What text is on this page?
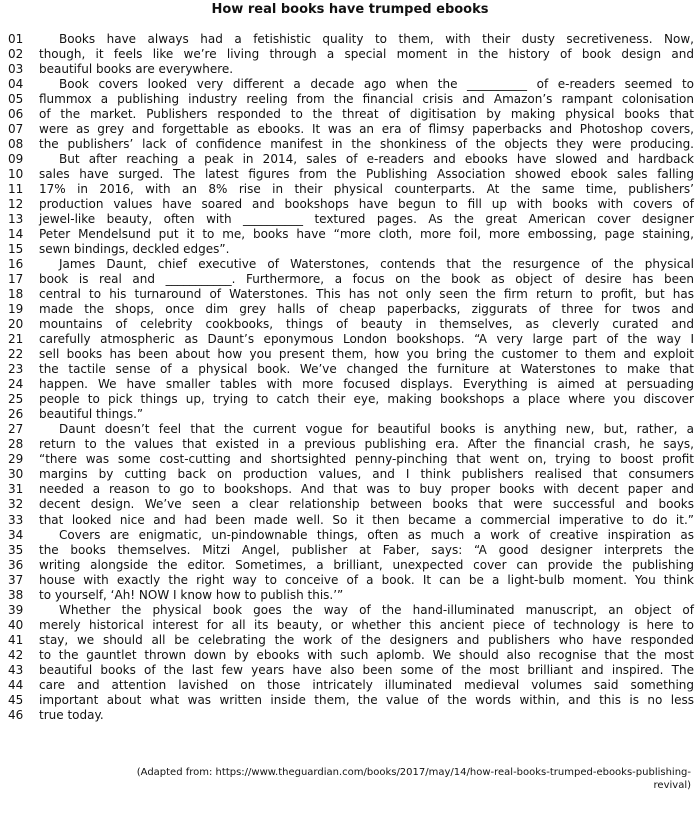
How real books have trumped ebooks
01	Books have always had a fetishistic quality to them, with their dusty secretiveness. Now,
02	though, it feels like we’re living through a special moment in the history of book design and
03	beautiful books are everywhere.
04	Book covers looked very different a decade ago when the __________ of e-readers seemed to
05	flummox a publishing industry reeling from the financial crisis and Amazon’s rampant colonisation
06	of the market. Publishers responded to the threat of digitisation by making physical books that
07	were as grey and forgettable as ebooks. It was an era of flimsy paperbacks and Photoshop covers,
08	the publishers’ lack of confidence manifest in the shonkiness of the objects they were producing.
09	But after reaching a peak in 2014, sales of e-readers and ebooks have slowed and hardback
10	sales have surged. The latest figures from the Publishing Association showed ebook sales falling
11	17% in 2016, with an 8% rise in their physical counterparts. At the same time, publishers’
12	production values have soared and bookshops have begun to fill up with books with covers of
13	jewel-like beauty, often with __________ textured pages. As the great American cover designer
14	Peter Mendelsund put it to me, books have “more cloth, more foil, more embossing, page staining,
15	sewn bindings, deckled edges”.
16	James Daunt, chief executive of Waterstones, contends that the resurgence of the physical
17	book is real and ___________. Furthermore, a focus on the book as object of desire has been
18	central to his turnaround of Waterstones. This has not only seen the firm return to profit, but has
19	made the shops, once dim grey halls of cheap paperbacks, ziggurats of three for twos and
20	mountains of celebrity cookbooks, things of beauty in themselves, as cleverly curated and
21	carefully atmospheric as Daunt’s eponymous London bookshops. “A very large part of the way I
22	sell books has been about how you present them, how you bring the customer to them and exploit
23	the tactile sense of a physical book. We’ve changed the furniture at Waterstones to make that
24	happen. We have smaller tables with more focused displays. Everything is aimed at persuading
25	people to pick things up, trying to catch their eye, making bookshops a place where you discover
26	beautiful things.”
27	Daunt doesn’t feel that the current vogue for beautiful books is anything new, but, rather, a
28	return to the values that existed in a previous publishing era. After the financial crash, he says,
29	“there was some cost-cutting and shortsighted penny-pinching that went on, trying to boost profit
30	margins by cutting back on production values, and I think publishers realised that consumers
31	needed a reason to go to bookshops. And that was to buy proper books with decent paper and
32	decent design. We’ve seen a clear relationship between books that were successful and books
33	that looked nice and had been made well. So it then became a commercial imperative to do it.”
34	Covers are enigmatic, un-pindownable things, often as much a work of creative inspiration as
35	the books themselves. Mitzi Angel, publisher at Faber, says: “A good designer interprets the
36	writing alongside the editor. Sometimes, a brilliant, unexpected cover can provide the publishing
37	house with exactly the right way to conceive of a book. It can be a light-bulb moment. You think
38	to yourself, ‘Ah! NOW I know how to publish this.’”
39	Whether the physical book goes the way of the hand-illuminated manuscript, an object of
40	merely historical interest for all its beauty, or whether this ancient piece of technology is here to
41	stay, we should all be celebrating the work of the designers and publishers who have responded
42	to the gauntlet thrown down by ebooks with such aplomb. We should also recognise that the most
43	beautiful books of the last few years have also been some of the most brilliant and inspired. The
44	care and attention lavished on those intricately illuminated medieval volumes said something
45	important about what was written inside them, the value of the words within, and this is no less
46	true today.
(Adapted from: https://www.theguardian.com/books/2017/may/14/how-real-books-trumped-ebooks-publishing-
revival)
